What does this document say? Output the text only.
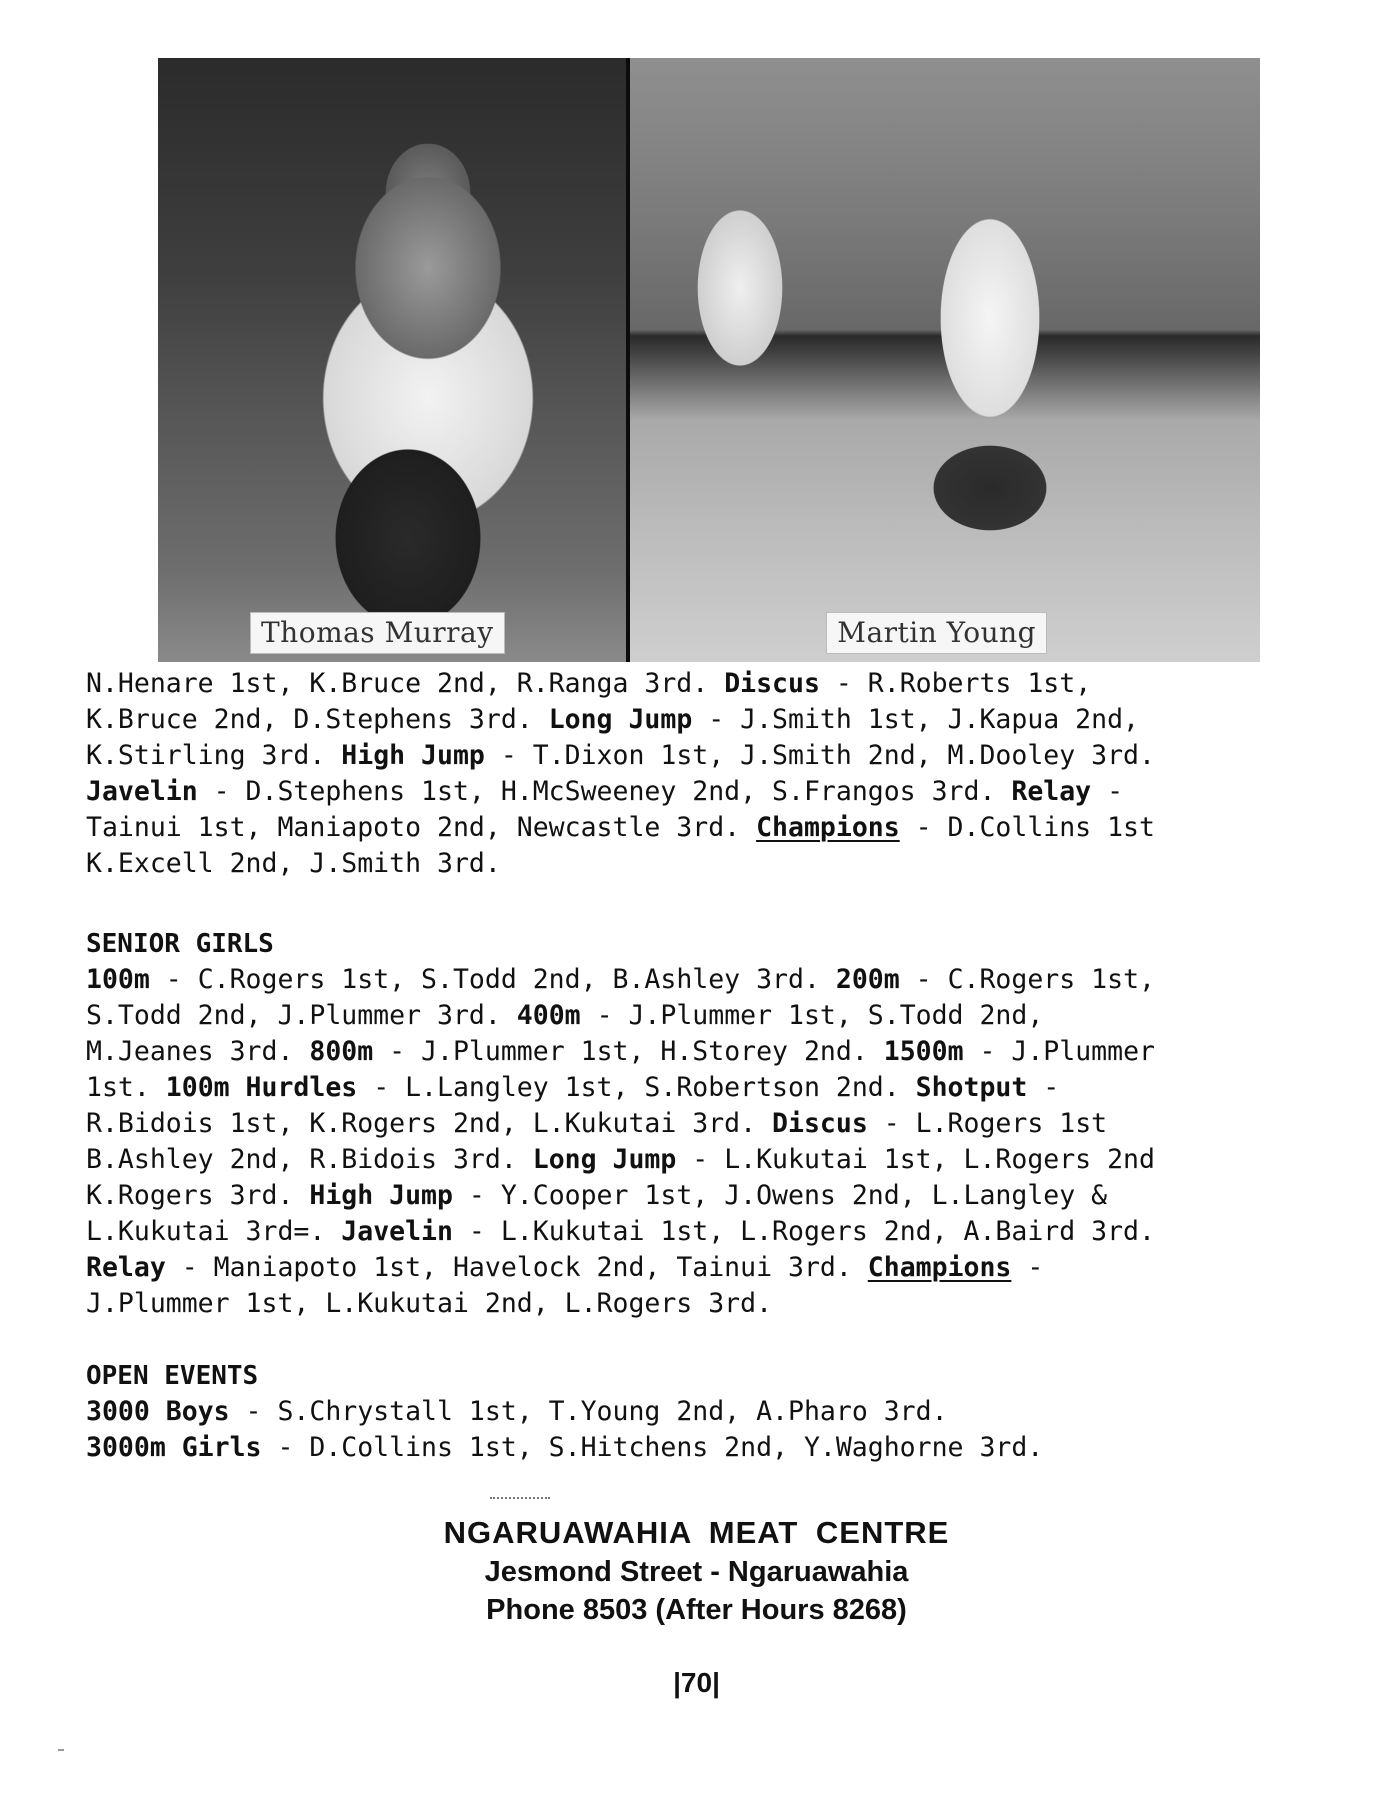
Thomas Murray	Martin Young
N.Henare 1st, K.Bruce 2nd, R.Ranga 3rd. Discus - R.Roberts 1st,
K.Bruce 2nd, D.Stephens 3rd. Long Jump - J.Smith 1st, J.Kapua 2nd,
K.Stirling 3rd. High Jump - T.Dixon 1st, J.Smith 2nd, M.Dooley 3rd.
Javelin - D.Stephens 1st, H.McSweeney 2nd, S.Frangos 3rd. Relay -
Tainui 1st, Maniapoto 2nd, Newcastle 3rd. Champions - D.Collins 1st
K.Excell 2nd, J.Smith 3rd.
SENIOR GIRLS
100m - C.Rogers 1st, S.Todd 2nd, B.Ashley 3rd. 200m - C.Rogers 1st,
S.Todd 2nd, J.Plummer 3rd. 400m - J.Plummer 1st, S.Todd 2nd,
M.Jeanes 3rd. 800m - J.Plummer 1st, H.Storey 2nd. 1500m - J.Plummer
1st. 100m Hurdles - L.Langley 1st, S.Robertson 2nd. Shotput -
R.Bidois 1st, K.Rogers 2nd, L.Kukutai 3rd. Discus - L.Rogers 1st
B.Ashley 2nd, R.Bidois 3rd. Long Jump - L.Kukutai 1st, L.Rogers 2nd
K.Rogers 3rd. High Jump - Y.Cooper 1st, J.Owens 2nd, L.Langley &
L.Kukutai 3rd=. Javelin - L.Kukutai 1st, L.Rogers 2nd, A.Baird 3rd.
Relay - Maniapoto 1st, Havelock 2nd, Tainui 3rd. Champions -
J.Plummer 1st, L.Kukutai 2nd, L.Rogers 3rd.
OPEN EVENTS
3000 Boys - S.Chrystall 1st, T.Young 2nd, A.Pharo 3rd.
3000m Girls - D.Collins 1st, S.Hitchens 2nd, Y.Waghorne 3rd.
NGARUAWAHIA MEAT CENTRE
Jesmond Street - Ngaruawahia
Phone 8503 (After Hours 8268)
|70|
